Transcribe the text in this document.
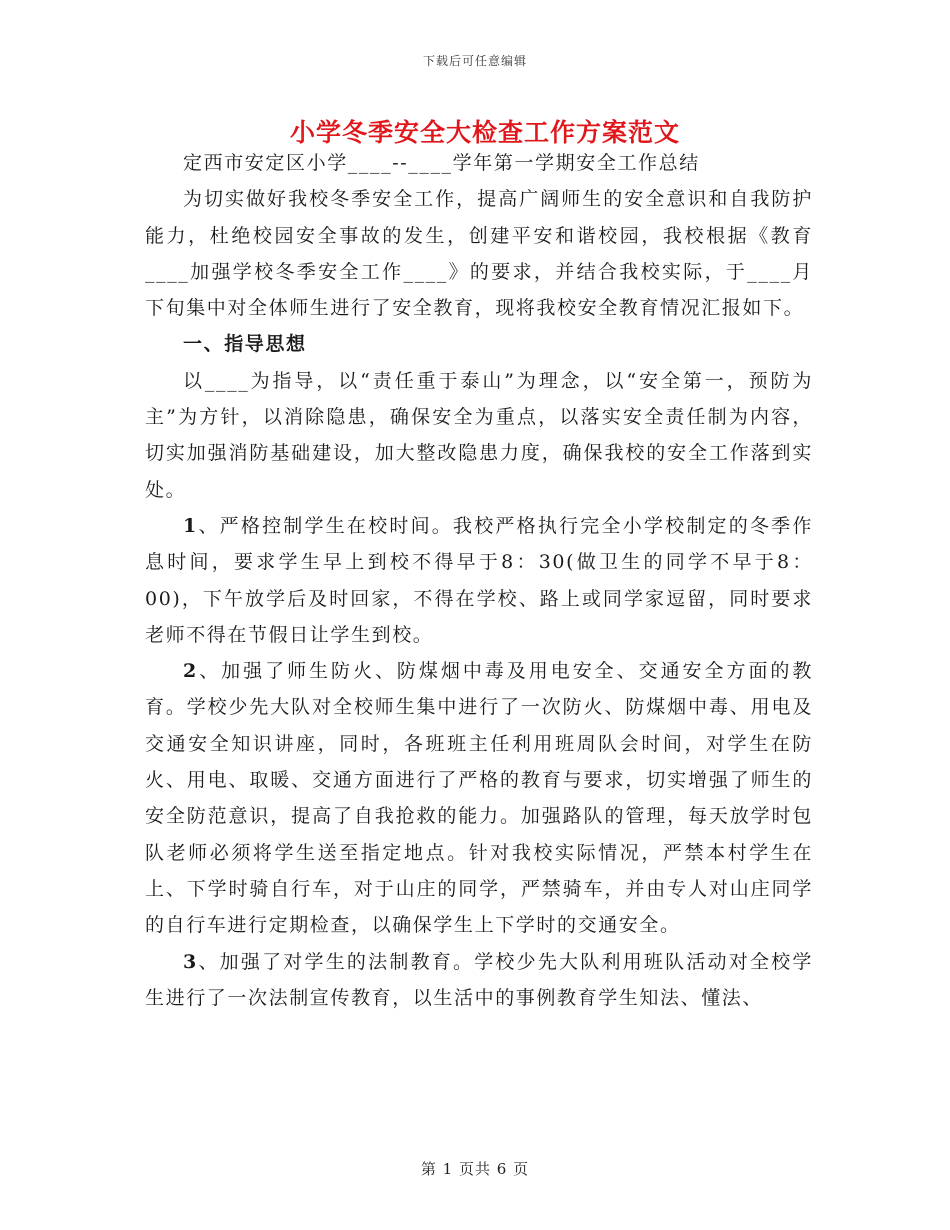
下载后可任意编辑
小学冬季安全大检查工作方案范文

定西市安定区小学____--____学年第一学期安全工作总结

为切实做好我校冬季安全工作，提高广阔师生的安全意识和自我防护能力，杜绝校园安全事故的发生，创建平安和谐校园，我校根据《教育____加强学校冬季安全工作____》的要求，并结合我校实际，于____月下旬集中对全体师生进行了安全教育，现将我校安全教育情况汇报如下。

一、指导思想

以____为指导，以“责任重于泰山”为理念，以“安全第一，预防为主”为方针，以消除隐患，确保安全为重点，以落实安全责任制为内容，切实加强消防基础建设，加大整改隐患力度，确保我校的安全工作落到实处。

1、严格控制学生在校时间。我校严格执行完全小学校制定的冬季作息时间，要求学生早上到校不得早于8：30(做卫生的同学不早于8：00)，下午放学后及时回家，不得在学校、路上或同学家逗留，同时要求老师不得在节假日让学生到校。

2、加强了师生防火、防煤烟中毒及用电安全、交通安全方面的教育。学校少先大队对全校师生集中进行了一次防火、防煤烟中毒、用电及交通安全知识讲座，同时，各班班主任利用班周队会时间，对学生在防火、用电、取暖、交通方面进行了严格的教育与要求，切实增强了师生的安全防范意识，提高了自我抢救的能力。加强路队的管理，每天放学时包队老师必须将学生送至指定地点。针对我校实际情况，严禁本村学生在上、下学时骑自行车，对于山庄的同学，严禁骑车，并由专人对山庄同学的自行车进行定期检查，以确保学生上下学时的交通安全。

3、加强了对学生的法制教育。学校少先大队利用班队活动对全校学生进行了一次法制宣传教育，以生活中的事例教育学生知法、懂法、

第 1 页共 6 页
